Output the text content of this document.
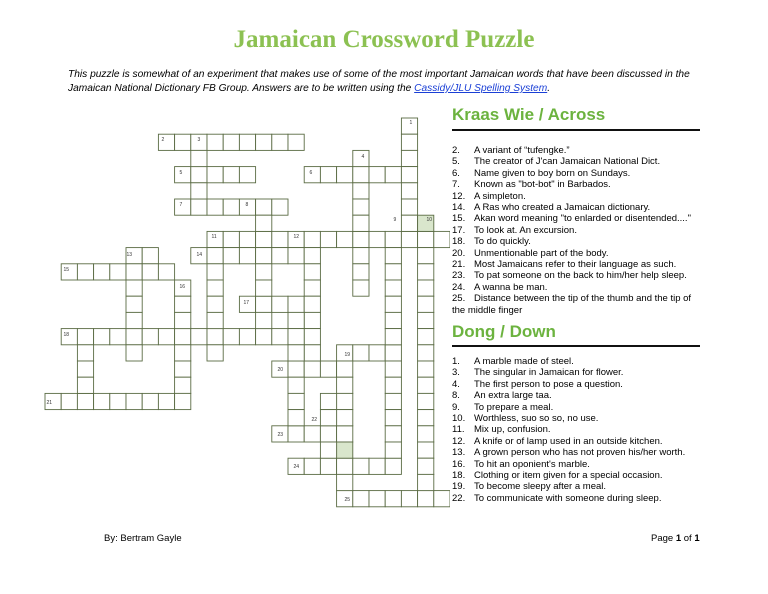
Jamaican Crossword Puzzle
This puzzle is somewhat of an experiment that makes use of some of the most important Jamaican words that have been discussed in the Jamaican National Dictionary FB Group. Answers are to be written using the Cassidy/JLU Spelling System.
1
2	3
4
5	6
7	8
9	10
11	12
13	14
15
16
17
18
19
20
21
22
23
24
25
Kraas Wie / Across
2. A variant of “tufengke.”
5. The creator of J'can Jamaican National Dict.
6. Name given to boy born on Sundays.
7. Known as "bot-bot" in Barbados.
12. A simpleton.
14. A Ras who created a Jamaican dictionary.
15. Akan word meaning "to enlarded or disentended...."
17. To look at. An excursion.
18. To do quickly.
20. Unmentionable part of the body.
21. Most Jamaicans refer to their language as such.
23. To pat someone on the back to him/her help sleep.
24. A wanna be man.
25. Distance between the tip of the thumb and the tip of the middle finger
Dong / Down
1. A marble made of steel.
3. The singular in Jamaican for flower.
4. The first person to pose a question.
8. An extra large taa.
9. To prepare a meal.
10. Worthless, suo so so, no use.
11. Mix up, confusion.
12. A knife or of lamp used in an outside kitchen.
13. A grown person who has not proven his/her worth.
16. To hit an oponient's marble.
18. Clothing or item given for a special occasion.
19. To become sleepy after a meal.
22. To communicate with someone during sleep.
By: Bertram Gayle	Page 1 of 1
